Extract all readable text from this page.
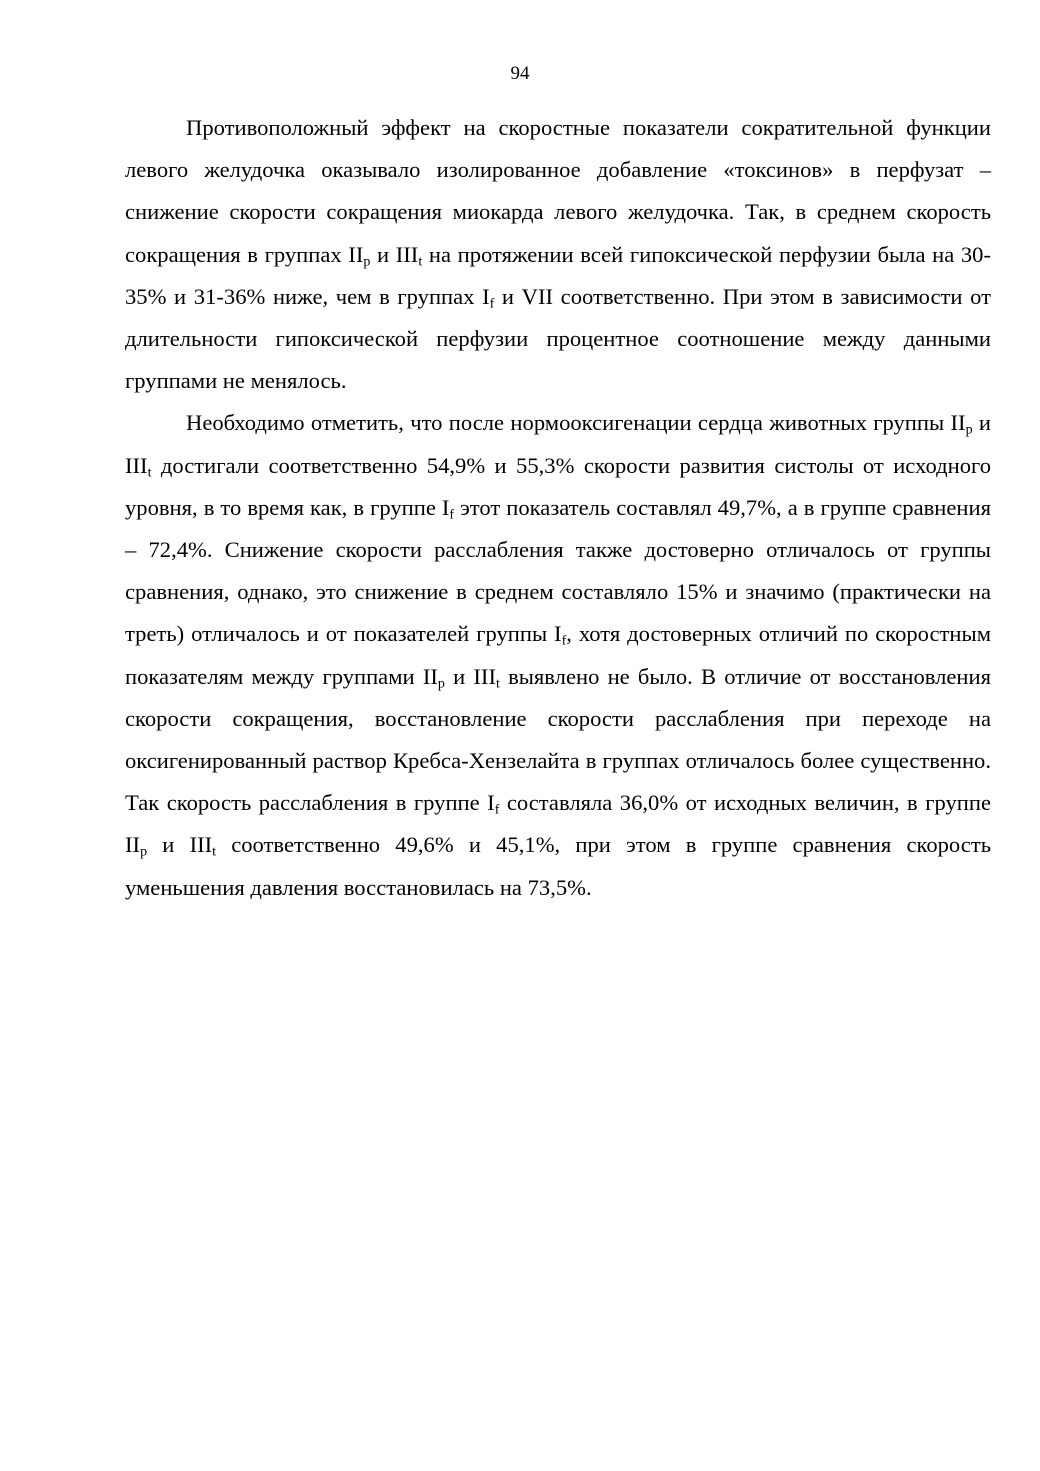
94

Противоположный эффект на скоростные показатели сократительной функции левого желудочка оказывало изолированное добавление «токсинов» в перфузат – снижение скорости сокращения миокарда левого желудочка. Так, в среднем скорость сокращения в группах $II_p$ и $III_t$ на протяжении всей гипоксической перфузии была на 30-35% и 31-36% ниже, чем в группах $I_f$ и VII соответственно. При этом в зависимости от длительности гипоксической перфузии процентное соотношение между данными группами не менялось.

Необходимо отметить, что после нормооксигенации сердца животных группы $II_p$ и $III_t$ достигали соответственно 54,9% и 55,3% скорости развития систолы от исходного уровня, в то время как, в группе $I_f$ этот показатель составлял 49,7%, а в группе сравнения – 72,4%. Снижение скорости расслабления также достоверно отличалось от группы сравнения, однако, это снижение в среднем составляло 15% и значимо (практически на треть) отличалось и от показателей группы $I_f$, хотя достоверных отличий по скоростным показателям между группами $II_p$ и $III_t$ выявлено не было. В отличие от восстановления скорости сокращения, восстановление скорости расслабления при переходе на оксигенированный раствор Кребса-Хензелайта в группах отличалось более существенно. Так скорость расслабления в группе $I_f$ составляла 36,0% от исходных величин, в группе $II_p$ и $III_t$ соответственно 49,6% и 45,1%, при этом в группе сравнения скорость уменьшения давления восстановилась на 73,5%.
